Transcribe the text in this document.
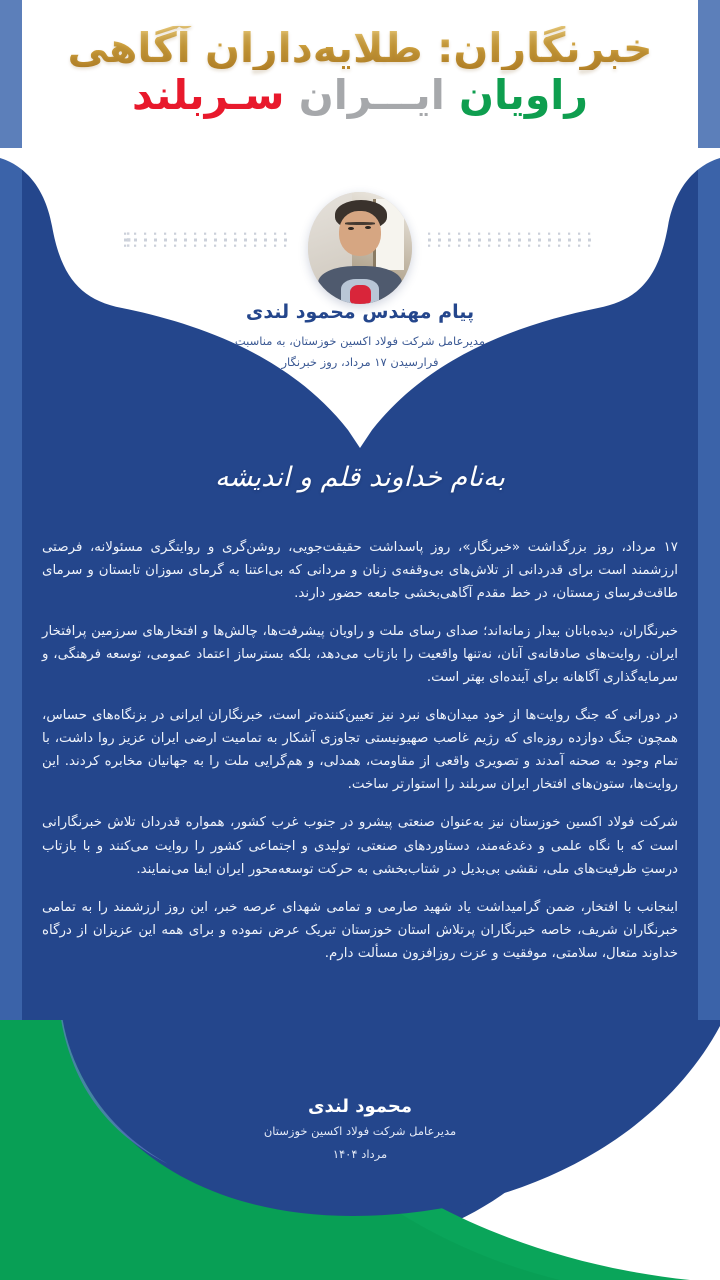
خبرنگاران: طلایه‌داران آگاهی
راویان ایـــران سـربلند
پیام مهندس محمود لندی
مدیرعامل شرکت فولاد اکسین خوزستان، به مناسبت
فرارسیدن ۱۷ مرداد، روز خبرنگار
به‌نام خداوند قلم و اندیشه

۱۷ مرداد، روز بزرگداشت «خبرنگار»، روز پاسداشت حقیقت‌جویی، روشن‌گری و روایتگری مسئولانه، فرصتی ارزشمند است برای قدردانی از تلاش‌های بی‌وقفه‌ی زنان و مردانی که بی‌اعتنا به گرمای سوزان تابستان و سرمای طاقت‌فرسای زمستان، در خط مقدم آگاهی‌بخشی جامعه حضور دارند.

خبرنگاران، دیده‌بانان بیدار زمانه‌اند؛ صدای رسای ملت و راویان پیشرفت‌ها، چالش‌ها و افتخارهای سرزمین پرافتخار ایران. روایت‌های صادقانه‌ی آنان، نه‌تنها واقعیت را بازتاب می‌دهد، بلکه بسترساز اعتماد عمومی، توسعه فرهنگی، و سرمایه‌گذاری آگاهانه برای آینده‌ای بهتر است.

در دورانی که جنگ روایت‌ها از خود میدان‌های نبرد نیز تعیین‌کننده‌تر است، خبرنگاران ایرانی در بزنگاه‌های حساس، همچون جنگ دوازده روزه‌ای که رژیم غاصب صهیونیستی تجاوزی آشکار به تمامیت ارضی ایران عزیز روا داشت، با تمام وجود به صحنه آمدند و تصویری واقعی از مقاومت، همدلی، و هم‌گرایی ملت را به جهانیان مخابره کردند. این روایت‌ها، ستون‌های افتخار ایران سربلند را استوارتر ساخت.

شرکت فولاد اکسین خوزستان نیز به‌عنوان صنعتی پیشرو در جنوب غرب کشور، همواره قدردان تلاش خبرنگارانی است که با نگاه علمی و دغدغه‌مند، دستاوردهای صنعتی، تولیدی و اجتماعی کشور را روایت می‌کنند و با بازتاب درستِ ظرفیت‌های ملی، نقشی بی‌بدیل در شتاب‌بخشی به حرکت توسعه‌محور ایران ایفا می‌نمایند.

اینجانب با افتخار، ضمن گرامیداشت یاد شهید صارمی و تمامی شهدای عرصه خبر، این روز ارزشمند را به تمامی خبرنگاران شریف، خاصه خبرنگاران پرتلاش استان خوزستان تبریک عرض نموده و برای همه این عزیزان از درگاه خداوند متعال، سلامتی، موفقیت و عزت روزافزون مسألت دارم.

محمود لندی
مدیرعامل شرکت فولاد اکسین خوزستان
مرداد ۱۴۰۴
